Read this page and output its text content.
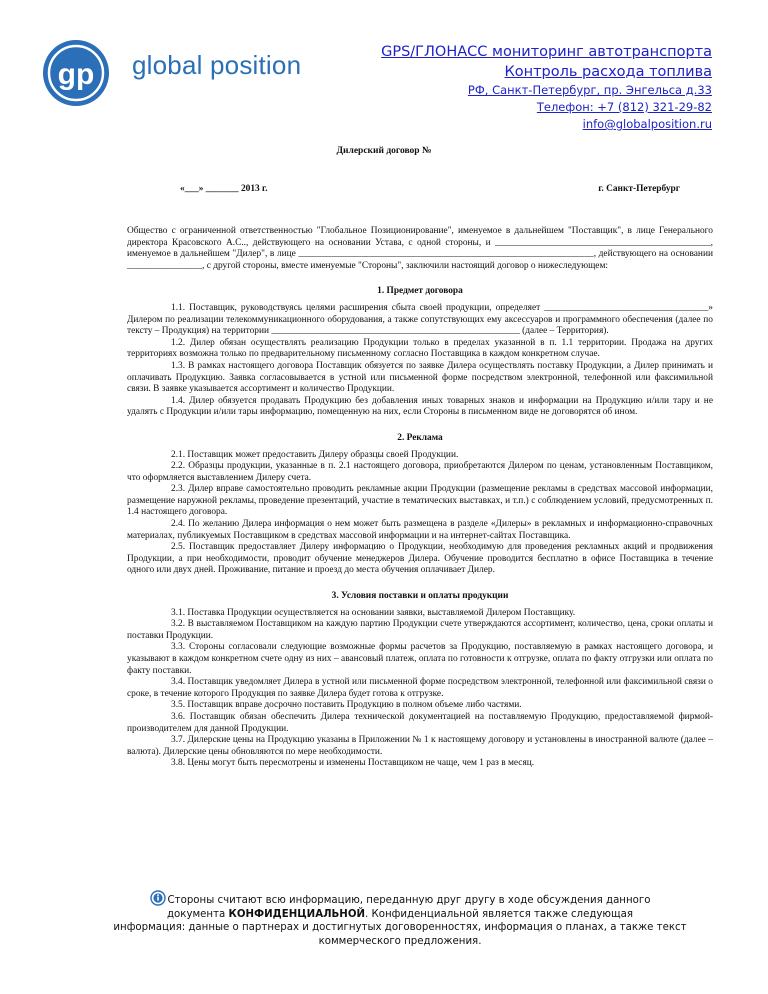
gp global position	GPS/ГЛОНАСС мониторинг автотранспорта
Контроль расхода топлива
РФ, Санкт-Петербург, пр. Энгельса д.33
Телефон: +7 (812) 321-29-82
info@globalposition.ru
Дилерский договор №
«___» _______ 2013 г.	г. Санкт-Петербург

Общество с ограниченной ответственностью "Глобальное Позиционирование", именуемое в дальнейшем "Поставщик", в лице Генерального директора Красовского А.С.., действующего на основании Устава, с одной стороны, и ______________________________________________, именуемое в дальнейшем "Дилер", в лице _______________________________________________________________, действующего на основании ________________, с другой стороны, вместе именуемые "Стороны", заключили настоящий договор о нижеследующем:

1. Предмет договора

1.1. Поставщик, руководствуясь целями расширения сбыта своей продукции, определяет ___________________________________» Дилером по реализации телекоммуникационного оборудования, а также сопутствующих ему аксессуаров и программного обеспечения (далее по тексту – Продукция) на территории _____________________________________________________ (далее – Территория).

1.2. Дилер обязан осуществлять реализацию Продукции только в пределах указанной в п. 1.1 территории. Продажа на других территориях возможна только по предварительному письменному согласно Поставщика в каждом конкретном случае.

1.3. В рамках настоящего договора Поставщик обязуется по заявке Дилера осуществлять поставку Продукции, а Дилер принимать и оплачивать Продукцию. Заявка согласовывается в устной или письменной форме посредством электронной, телефонной или факсимильной связи. В заявке указывается ассортимент и количество Продукции.

1.4. Дилер обязуется продавать Продукцию без добавления иных товарных знаков и информации на Продукцию и/или тару и не удалять с Продукции и/или тары информацию, помещенную на них, если Стороны в письменном виде не договорятся об ином.

2. Реклама

2.1. Поставщик может предоставить Дилеру образцы своей Продукции.

2.2. Образцы продукции, указанные в п. 2.1 настоящего договора, приобретаются Дилером по ценам, установленным Поставщиком, что оформляется выставлением Дилеру счета.

2.3. Дилер вправе самостоятельно проводить рекламные акции Продукции (размещение рекламы в средствах массовой информации, размещение наружной рекламы, проведение презентаций, участие в тематических выставках, и т.п.) с соблюдением условий, предусмотренных п. 1.4 настоящего договора.

2.4. По желанию Дилера информация о нем может быть размещена в разделе «Дилеры» в рекламных и информационно-справочных материалах, публикуемых Поставщиком в средствах массовой информации и на интернет-сайтах Поставщика.

2.5. Поставщик предоставляет Дилеру информацию о Продукции, необходимую для проведения рекламных акций и продвижения Продукции, а при необходимости, проводит обучение менеджеров Дилера. Обучение проводится бесплатно в офисе Поставщика в течение одного или двух дней. Проживание, питание и проезд до места обучения оплачивает Дилер.

3. Условия поставки и оплаты продукции

3.1. Поставка Продукции осуществляется на основании заявки, выставляемой Дилером Поставщику.

3.2. В выставляемом Поставщиком на каждую партию Продукции счете утверждаются ассортимент, количество, цена, сроки оплаты и поставки Продукции.

3.3. Стороны согласовали следующие возможные формы расчетов за Продукцию, поставляемую в рамках настоящего договора, и указывают в каждом конкретном счете одну из них – авансовый платеж, оплата по готовности к отгрузке, оплата по факту отгрузки или оплата по факту поставки.

3.4. Поставщик уведомляет Дилера в устной или письменной форме посредством электронной, телефонной или факсимильной связи о сроке, в течение которого Продукция по заявке Дилера будет готова к отгрузке.

3.5. Поставщик вправе досрочно поставить Продукцию в полном объеме либо частями.

3.6. Поставщик обязан обеспечить Дилера технической документацией на поставляемую Продукцию, предоставляемой фирмой-производителем для данной Продукции.

3.7. Дилерские цены на Продукцию указаны в Приложении № 1 к настоящему договору и установлены в иностранной валюте (далее – валюта). Дилерские цены обновляются по мере необходимости.

3.8. Цены могут быть пересмотрены и изменены Поставщиком не чаще, чем 1 раз в месяц.

Стороны считают всю информацию, переданную друг другу в ходе обсуждения данного
документа КОНФИДЕНЦИАЛЬНОЙ. Конфиденциальной является также следующая
информация: данные о партнерах и достигнутых договоренностях, информация о планах, а также текст
коммерческого предложения.
